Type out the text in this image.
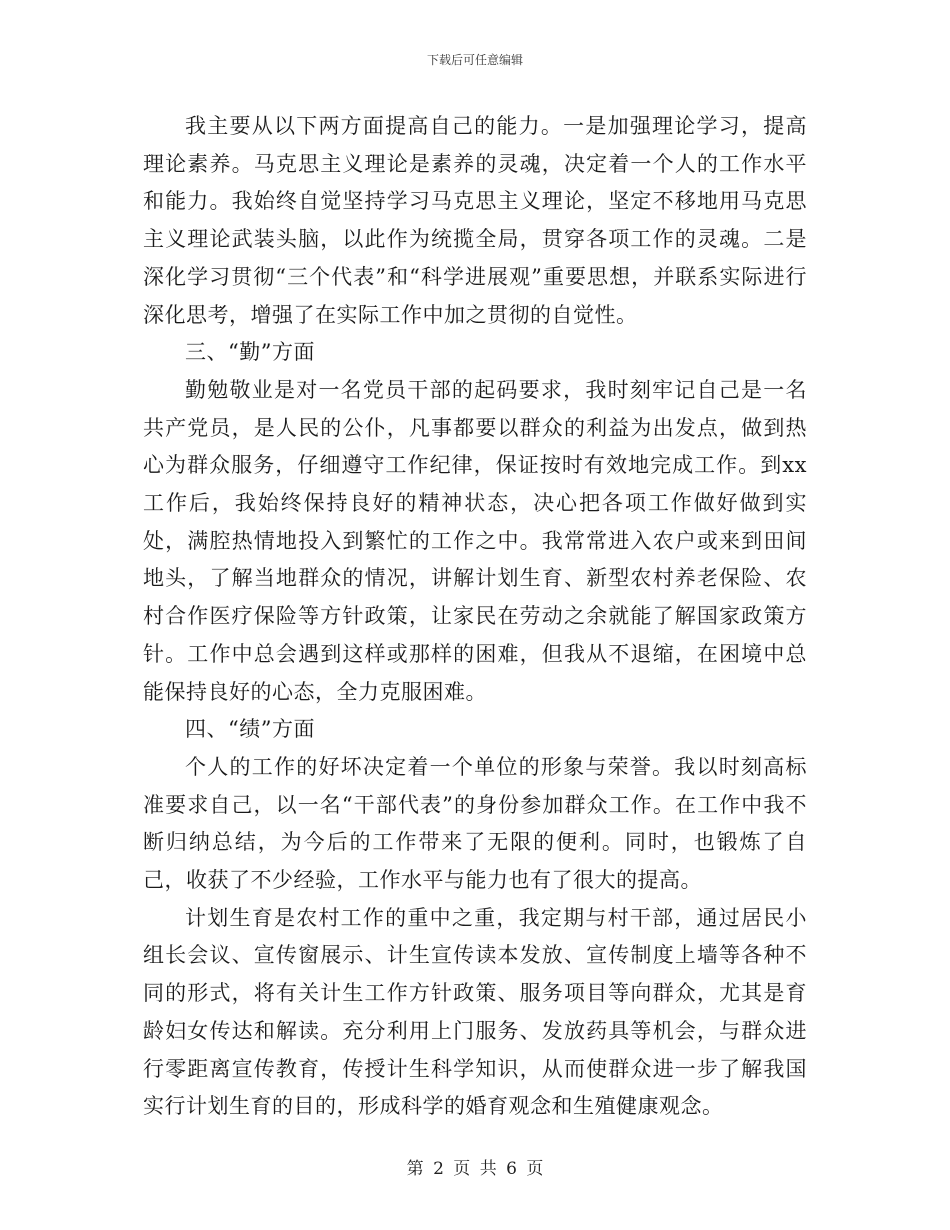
下载后可任意编辑

我主要从以下两方面提高自己的能力。一是加强理论学习，提高理论素养。马克思主义理论是素养的灵魂，决定着一个人的工作水平和能力。我始终自觉坚持学习马克思主义理论，坚定不移地用马克思主义理论武装头脑，以此作为统揽全局，贯穿各项工作的灵魂。二是深化学习贯彻“三个代表”和“科学进展观”重要思想，并联系实际进行深化思考，增强了在实际工作中加之贯彻的自觉性。

三、“勤”方面

勤勉敬业是对一名党员干部的起码要求，我时刻牢记自己是一名共产党员，是人民的公仆，凡事都要以群众的利益为出发点，做到热心为群众服务，仔细遵守工作纪律，保证按时有效地完成工作。到xx工作后，我始终保持良好的精神状态，决心把各项工作做好做到实处，满腔热情地投入到繁忙的工作之中。我常常进入农户或来到田间地头，了解当地群众的情况，讲解计划生育、新型农村养老保险、农村合作医疗保险等方针政策，让家民在劳动之余就能了解国家政策方针。工作中总会遇到这样或那样的困难，但我从不退缩，在困境中总能保持良好的心态，全力克服困难。

四、“绩”方面

个人的工作的好坏决定着一个单位的形象与荣誉。我以时刻高标准要求自己，以一名“干部代表”的身份参加群众工作。在工作中我不断归纳总结，为今后的工作带来了无限的便利。同时，也锻炼了自己，收获了不少经验，工作水平与能力也有了很大的提高。

计划生育是农村工作的重中之重，我定期与村干部，通过居民小组长会议、宣传窗展示、计生宣传读本发放、宣传制度上墙等各种不同的形式，将有关计生工作方针政策、服务项目等向群众，尤其是育龄妇女传达和解读。充分利用上门服务、发放药具等机会，与群众进行零距离宣传教育，传授计生科学知识，从而使群众进一步了解我国实行计划生育的目的，形成科学的婚育观念和生殖健康观念。

第 2 页 共 6 页
